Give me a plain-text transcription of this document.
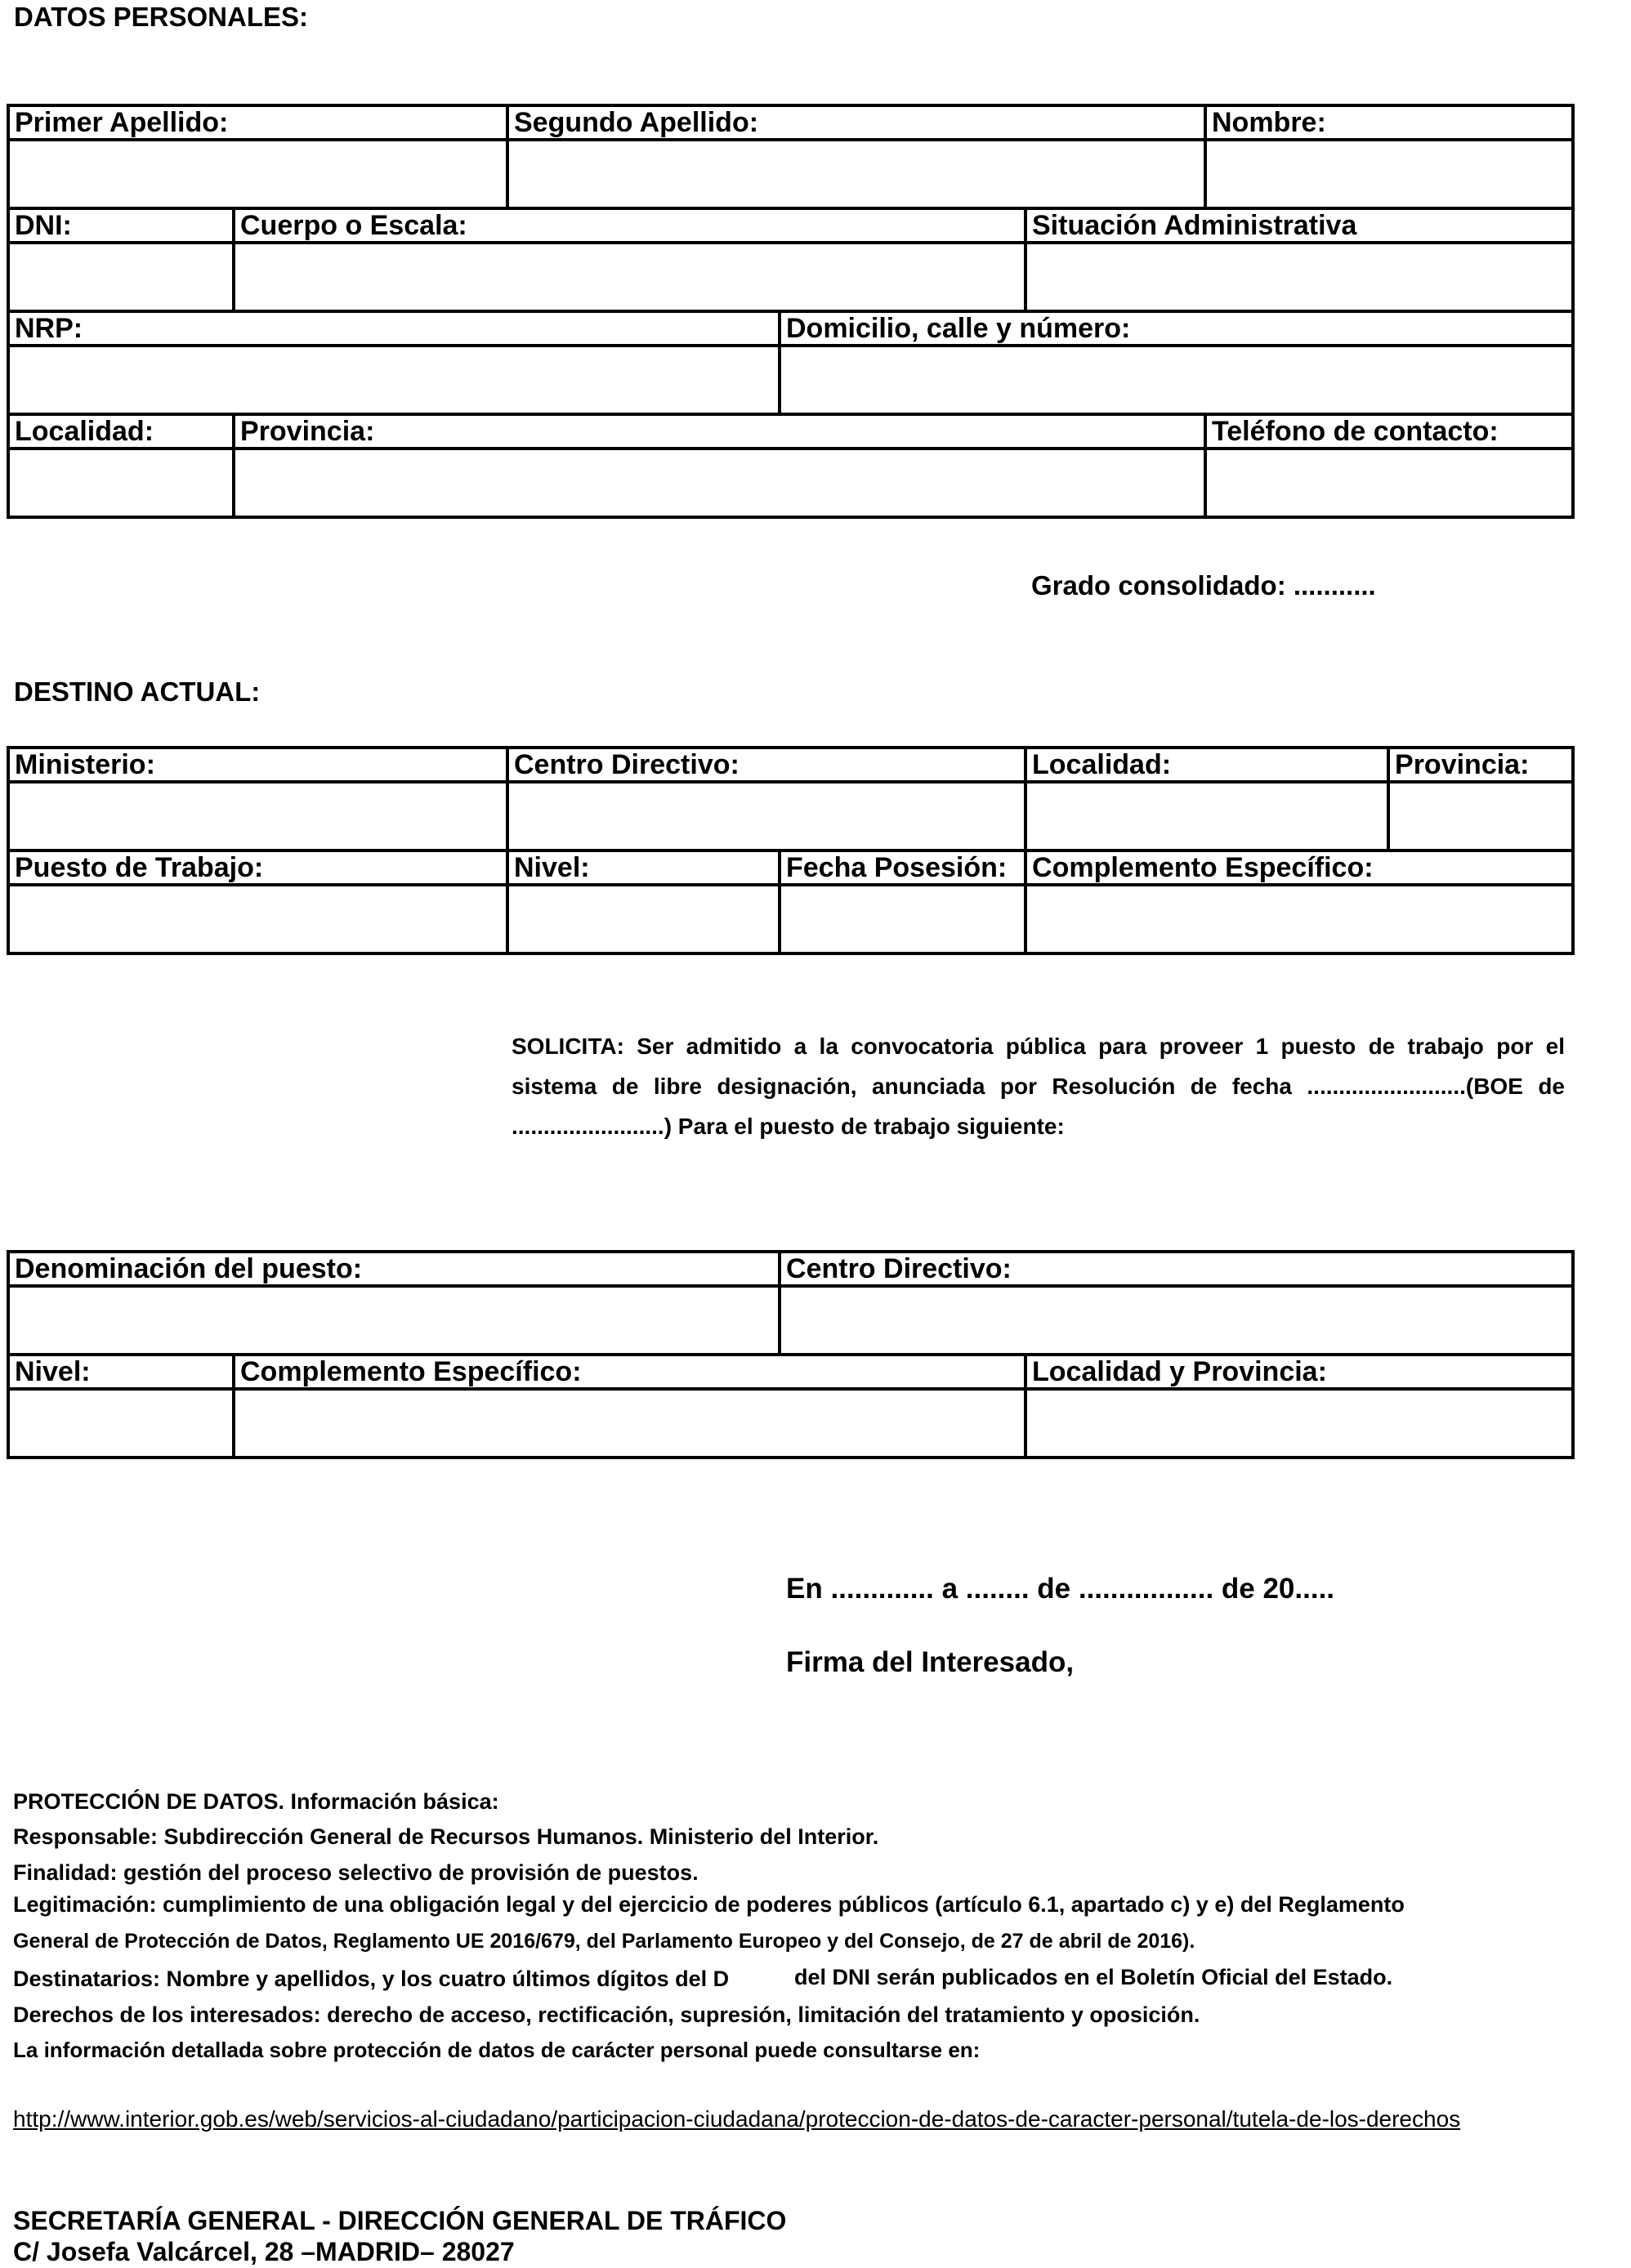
DATOS PERSONALES:
Primer Apellido:		Segundo Apellido:			Nombre:

DNI:	Cuerpo o Escala:			Situación Administrativa	

NRP:			Domicilio, calle y número:		

Localidad:	Provincia:				Teléfono de contacto:

Grado consolidado: ...........
DESTINO ACTUAL:
Ministerio:	Centro Directivo:		Localidad:	Provincia:

Puesto de Trabajo:	Nivel:	Fecha Posesión:	Complemento Específico:	

SOLICITA: Ser admitido a la convocatoria pública para proveer 1 puesto de trabajo por el sistema de libre designación, anunciada por Resolución de fecha .........................(BOE de ........................) Para el puesto de trabajo siguiente:
Denominación del puesto:		Centro Directivo:	

Nivel:	Complemento Específico:		Localidad y Provincia:

En ............. a ........ de ................. de 20.....
Firma del Interesado,
PROTECCIÓN DE DATOS. Información básica:
Responsable: Subdirección General de Recursos Humanos. Ministerio del Interior.
Finalidad: gestión del proceso selectivo de provisión de puestos.
Legitimación: cumplimiento de una obligación legal y del ejercicio de poderes públicos (artículo 6.1, apartado c) y e) del Reglamento
General de Protección de Datos, Reglamento UE 2016/679, del Parlamento Europeo y del Consejo, de 27 de abril de 2016).
Destinatarios: Nombre y apellidos, y los cuatro últimos dígitos del D	del DNI serán publicados en el Boletín Oficial del Estado.
Derechos de los interesados: derecho de acceso, rectificación, supresión, limitación del tratamiento y oposición.
La información detallada sobre protección de datos de carácter personal puede consultarse en:
http://www.interior.gob.es/web/servicios-al-ciudadano/participacion-ciudadana/proteccion-de-datos-de-caracter-personal/tutela-de-los-derechos
SECRETARÍA GENERAL - DIRECCIÓN GENERAL DE TRÁFICO
C/ Josefa Valcárcel, 28 –MADRID– 28027
